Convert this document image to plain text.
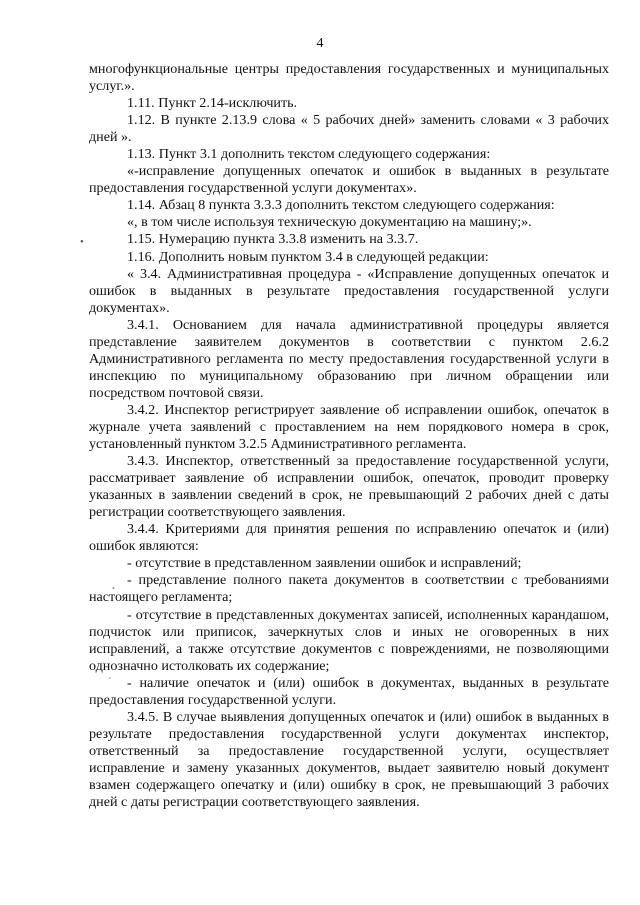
4

многофункциональные центры предоставления государственных и муниципальных услуг.».

1.11. Пункт 2.14-исключить.

1.12. В пункте 2.13.9 слова « 5 рабочих дней» заменить словами « 3 рабочих дней ».

1.13. Пункт 3.1 дополнить текстом следующего содержания:

«-исправление допущенных опечаток и ошибок в выданных в результате предоставления государственной услуги документах».

1.14. Абзац 8 пункта 3.3.3 дополнить текстом следующего содержания:

«, в том числе используя техническую документацию на машину;».

1.15. Нумерацию пункта 3.3.8 изменить на 3.3.7.

1.16. Дополнить новым пунктом 3.4 в следующей редакции:

« 3.4. Административная процедура - «Исправление допущенных опечаток и ошибок в выданных в результате предоставления государственной услуги документах».

3.4.1. Основанием для начала административной процедуры является представление заявителем документов в соответствии с пунктом 2.6.2 Административного регламента по месту предоставления государственной услуги в инспекцию по муниципальному образованию при личном обращении или посредством почтовой связи.

3.4.2. Инспектор регистрирует заявление об исправлении ошибок, опечаток в журнале учета заявлений с проставлением на нем порядкового номера в срок, установленный пунктом 3.2.5 Административного регламента.

3.4.3. Инспектор, ответственный за предоставление государственной услуги, рассматривает заявление об исправлении ошибок, опечаток, проводит проверку указанных в заявлении сведений в срок, не превышающий 2 рабочих дней с даты регистрации соответствующего заявления.

3.4.4. Критериями для принятия решения по исправлению опечаток и (или) ошибок являются:

- отсутствие в представленном заявлении ошибок и исправлений;

- представление полного пакета документов в соответствии с требованиями настоящего регламента;

- отсутствие в представленных документах записей, исполненных карандашом, подчисток или приписок, зачеркнутых слов и иных не оговоренных в них исправлений, а также отсутствие документов с повреждениями, не позволяющими однозначно истолковать их содержание;

- наличие опечаток и (или) ошибок в документах, выданных в результате предоставления государственной услуги.

3.4.5. В случае выявления допущенных опечаток и (или) ошибок в выданных в результате предоставления государственной услуги документах инспектор, ответственный за предоставление государственной услуги, осуществляет исправление и замену указанных документов, выдает заявителю новый документ взамен содержащего опечатку и (или) ошибку в срок, не превышающий 3 рабочих дней с даты регистрации соответствующего заявления.

•
˛
´
